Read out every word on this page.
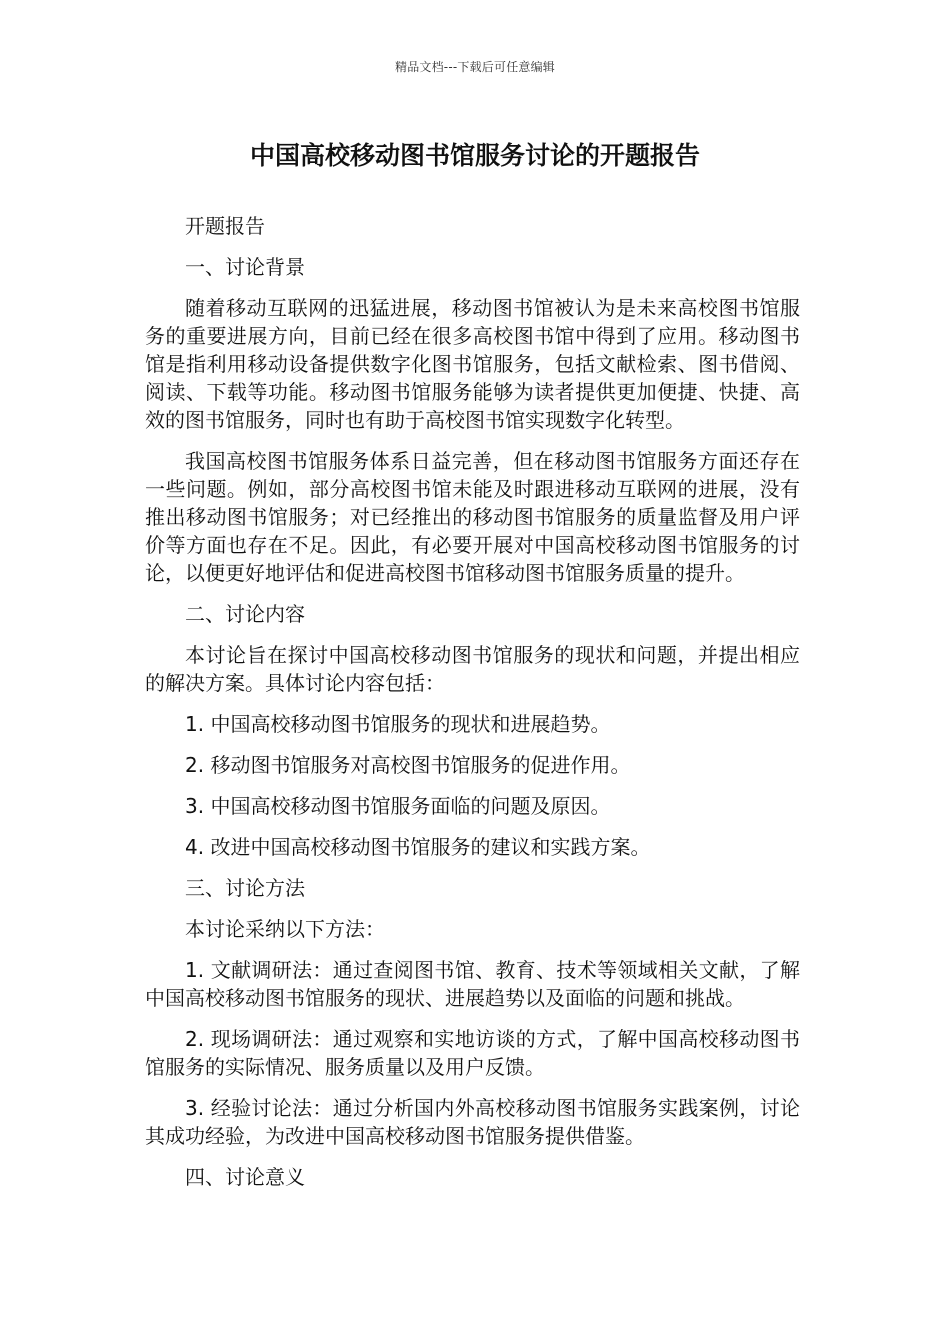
精品文档---下载后可任意编辑
中国高校移动图书馆服务讨论的开题报告

开题报告

一、讨论背景

随着移动互联网的迅猛进展，移动图书馆被认为是未来高校图书馆服务的重要进展方向，目前已经在很多高校图书馆中得到了应用。移动图书馆是指利用移动设备提供数字化图书馆服务，包括文献检索、图书借阅、阅读、下载等功能。移动图书馆服务能够为读者提供更加便捷、快捷、高效的图书馆服务，同时也有助于高校图书馆实现数字化转型。

我国高校图书馆服务体系日益完善，但在移动图书馆服务方面还存在一些问题。例如，部分高校图书馆未能及时跟进移动互联网的进展，没有推出移动图书馆服务；对已经推出的移动图书馆服务的质量监督及用户评价等方面也存在不足。因此，有必要开展对中国高校移动图书馆服务的讨论，以便更好地评估和促进高校图书馆移动图书馆服务质量的提升。

二、讨论内容

本讨论旨在探讨中国高校移动图书馆服务的现状和问题，并提出相应的解决方案。具体讨论内容包括：

1. 中国高校移动图书馆服务的现状和进展趋势。

2. 移动图书馆服务对高校图书馆服务的促进作用。

3. 中国高校移动图书馆服务面临的问题及原因。

4. 改进中国高校移动图书馆服务的建议和实践方案。

三、讨论方法

本讨论采纳以下方法：

1. 文献调研法：通过查阅图书馆、教育、技术等领域相关文献，了解中国高校移动图书馆服务的现状、进展趋势以及面临的问题和挑战。

2. 现场调研法：通过观察和实地访谈的方式，了解中国高校移动图书馆服务的实际情况、服务质量以及用户反馈。

3. 经验讨论法：通过分析国内外高校移动图书馆服务实践案例，讨论其成功经验，为改进中国高校移动图书馆服务提供借鉴。

四、讨论意义
